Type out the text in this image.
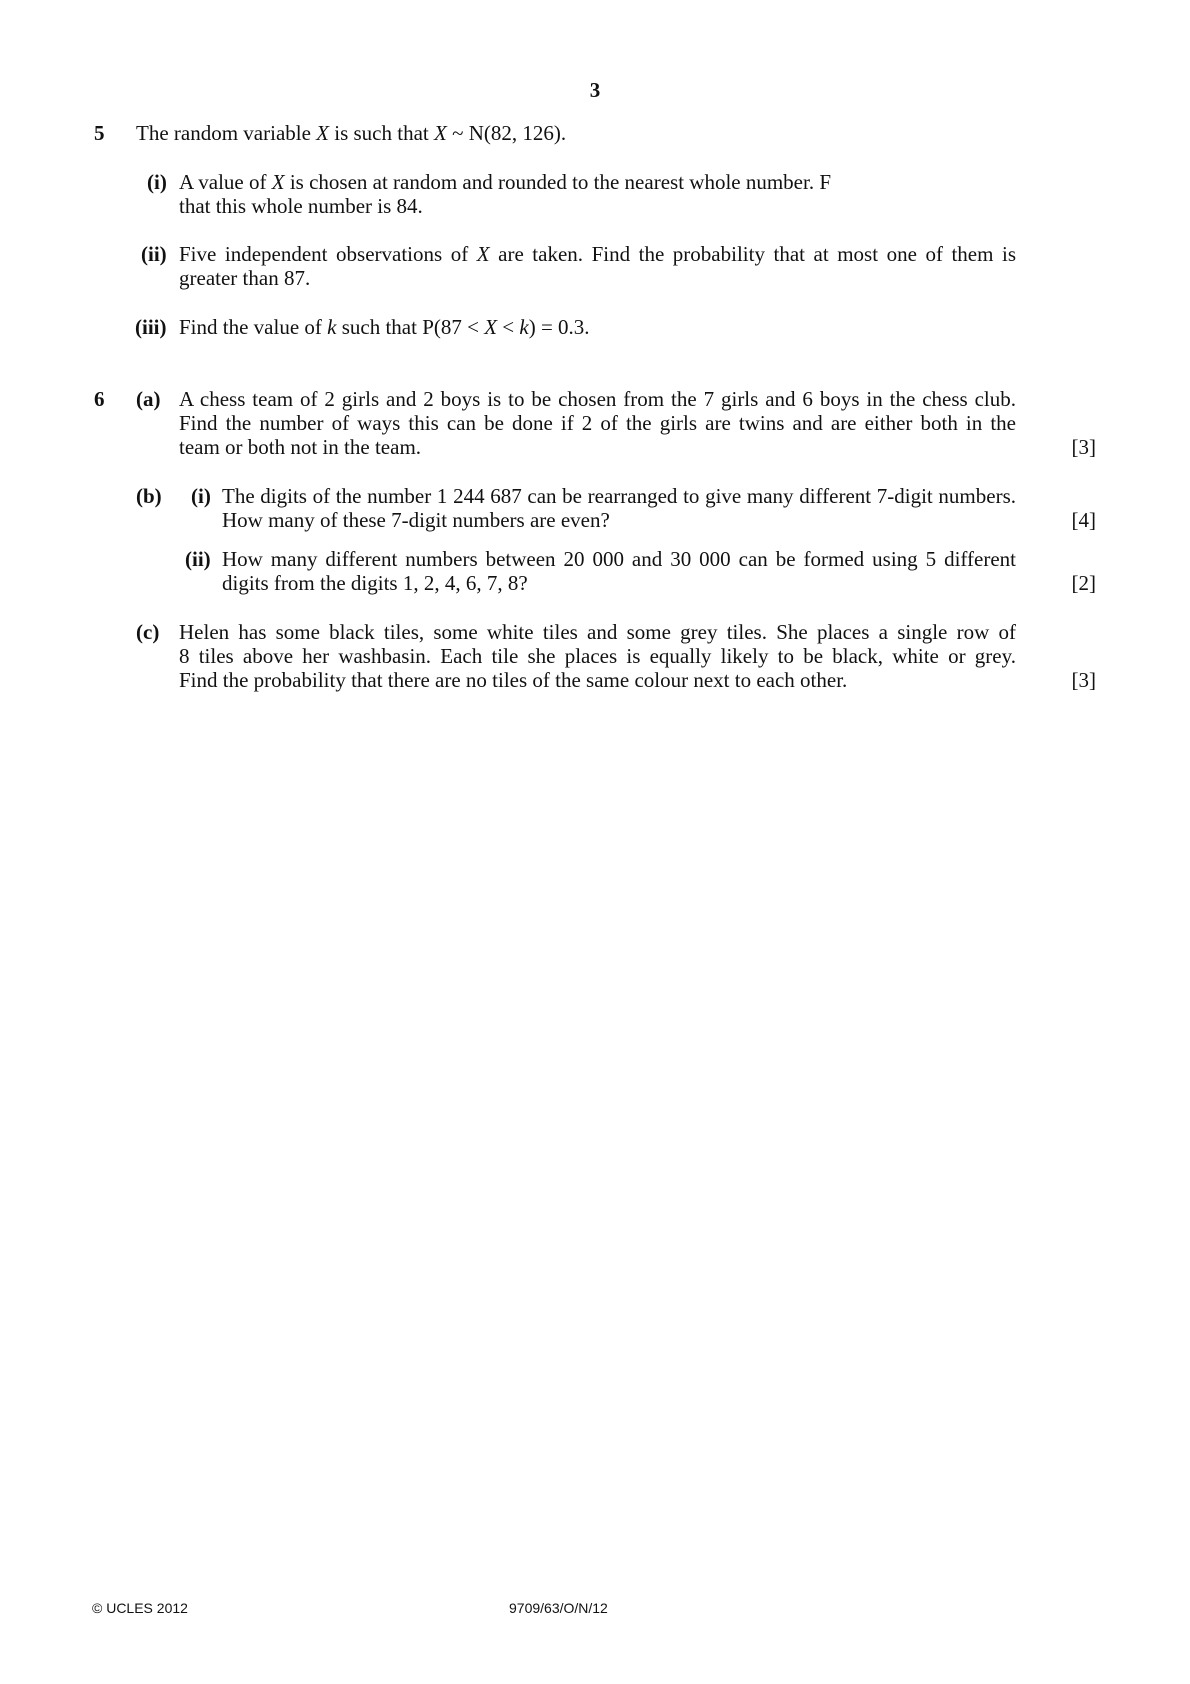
3
5 The random variable X is such that X ~ N(82, 126).
(i) A value of X is chosen at random and rounded to the nearest whole number. F
that this whole number is 84.
(ii) Five independent observations of X are taken. Find the probability that at most one of them is
greater than 87.
(iii) Find the value of k such that P(87 < X < k) = 0.3.
6 (a) A chess team of 2 girls and 2 boys is to be chosen from the 7 girls and 6 boys in the chess club.
Find the number of ways this can be done if 2 of the girls are twins and are either both in the
team or both not in the team.	[3]
(b) (i) The digits of the number 1 244 687 can be rearranged to give many different 7-digit numbers.
How many of these 7-digit numbers are even?	[4]
(ii) How many different numbers between 20 000 and 30 000 can be formed using 5 different
digits from the digits 1, 2, 4, 6, 7, 8?	[2]
(c) Helen has some black tiles, some white tiles and some grey tiles. She places a single row of
8 tiles above her washbasin. Each tile she places is equally likely to be black, white or grey.
Find the probability that there are no tiles of the same colour next to each other.	[3]
© UCLES 2012	9709/63/O/N/12
